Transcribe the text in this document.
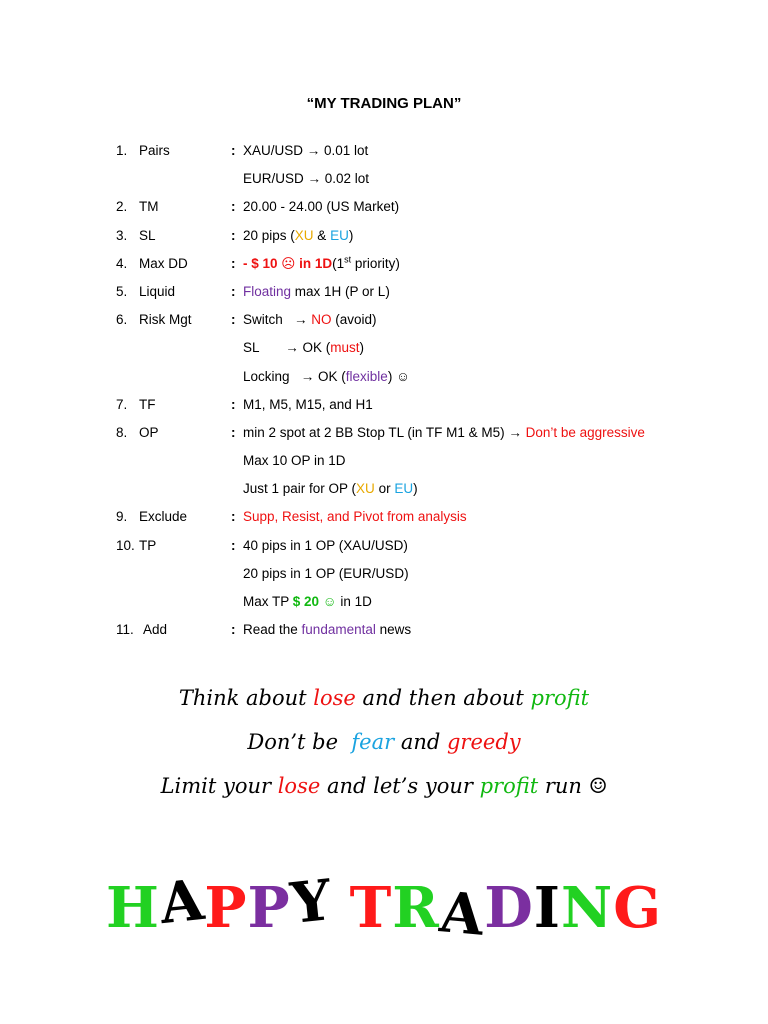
“MY TRADING PLAN”
1. Pairs	: XAU/USD → 0.01 lot
EUR/USD → 0.02 lot
2. TM	: 20.00 - 24.00 (US Market)
3. SL	: 20 pips (XU & EU)
4. Max DD	: - $ 10 ☹ in 1D(1st priority)
5. Liquid	: Floating max 1H (P or L)
6. Risk Mgt	: Switch   → NO (avoid)
SL       → OK (must)
Locking   → OK (flexible) ☺
7. TF	: M1, M5, M15, and H1
8. OP	: min 2 spot at 2 BB Stop TL (in TF M1 & M5) → Don’t be aggressive
Max 10 OP in 1D
Just 1 pair for OP (XU or EU)
9. Exclude	: Supp, Resist, and Pivot from analysis
10. TP	: 40 pips in 1 OP (XAU/USD)
20 pips in 1 OP (EUR/USD)
Max TP $ 20 ☺ in 1D
11. Add	: Read the fundamental news
Think about lose and then about profit
Don’t be  fear and greedy
Limit your lose and let’s your profit run ☺
HAPPY TRADING
